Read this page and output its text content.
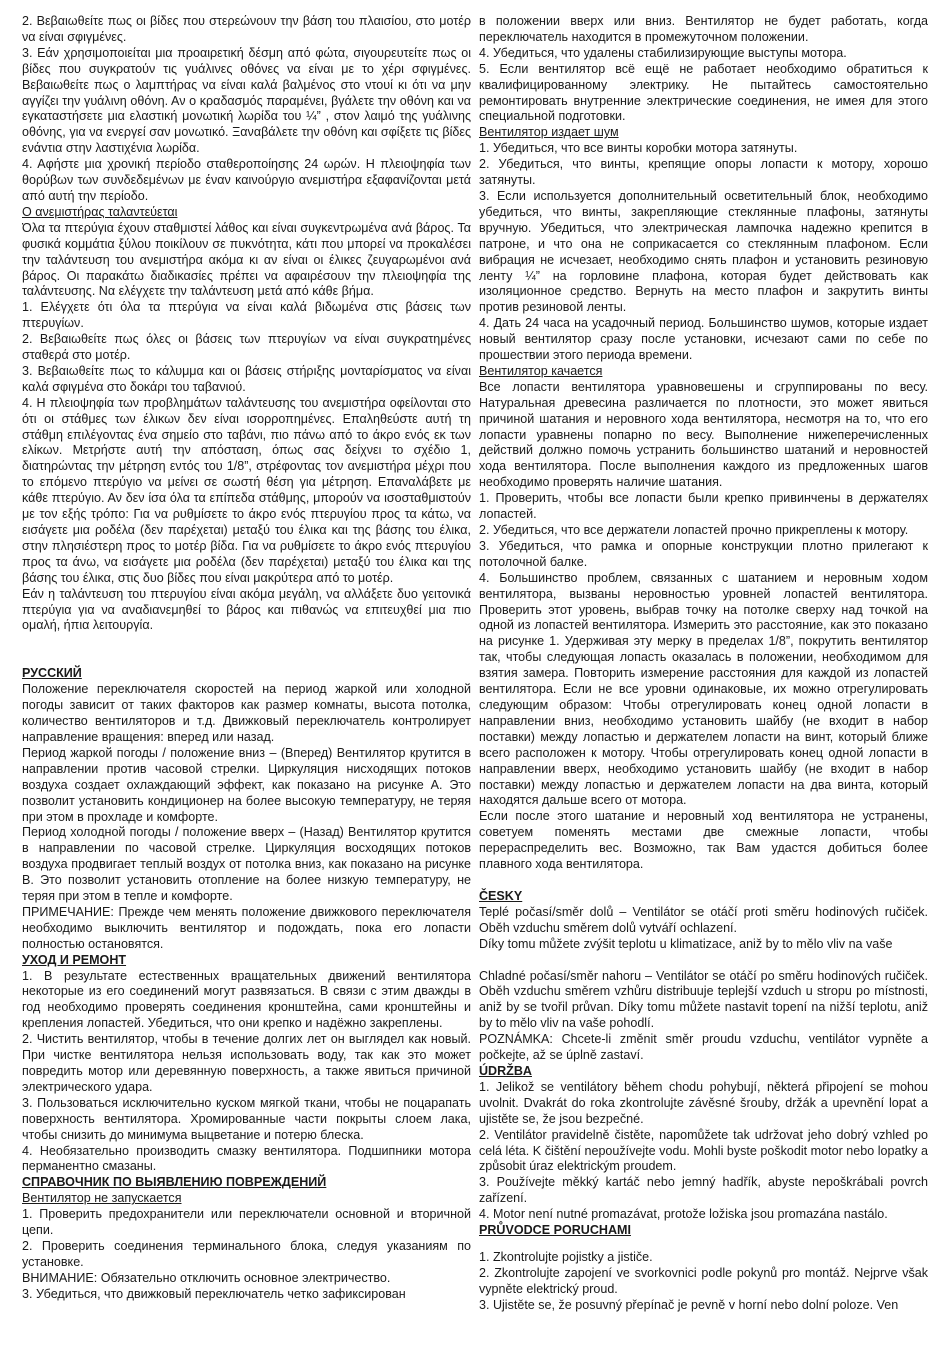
2. Βεβαιωθείτε πως οι βίδες που στερεώνουν την βάση του πλαισίου, στο μοτέρ να είναι σφιγμένες.

3. Εάν χρησιμοποιείται μια προαιρετική δέσμη από φώτα, σιγουρευτείτε πως οι βίδες που συγκρατούν τις γυάλινες οθόνες να είναι με το χέρι σφιγμένες. Βεβαιωθείτε πως ο λαμπτήρας να είναι καλά βαλμένος στο ντουί κι ότι να μην αγγίζει την γυάλινη οθόνη. Αν ο κραδασμός παραμένει, βγάλετε την οθόνη και να εγκαταστήσετε μια ελαστική μονωτική λωρίδα του ¼” , στον λαιμό της γυάλινης οθόνης, για να ενεργεί σαν μονωτικό. Ξαναβάλετε την οθόνη και σφίξετε τις βίδες ενάντια στην λαστιχένια λωρίδα.

4. Αφήστε μια χρονική περίοδο σταθεροποίησης 24 ωρών. Η πλειοψηφία των θορύβων των συνδεδεμένων με έναν καινούργιο ανεμιστήρα εξαφανίζονται μετά από αυτή την περίοδο.

Ο ανεμιστήρας ταλαντεύεται

Όλα τα πτερύγια έχουν σταθμιστεί λάθος και είναι συγκεντρωμένα ανά βάρος. Τα φυσικά κομμάτια ξύλου ποικίλουν σε πυκνότητα, κάτι που μπορεί να προκαλέσει την ταλάντευση του ανεμιστήρα ακόμα κι αν είναι οι έλικες ζευγαρωμένοι ανά βάρος. Οι παρακάτω διαδικασίες πρέπει να αφαιρέσουν την πλειοψηφία της ταλάντευσης. Να ελέγχετε την ταλάντευση μετά από κάθε βήμα.

1. Ελέγχετε ότι όλα τα πτερύγια να είναι καλά βιδωμένα στις βάσεις των πτερυγίων.

2. Βεβαιωθείτε πως όλες οι βάσεις των πτερυγίων να είναι συγκρατημένες σταθερά στο μοτέρ.

3. Βεβαιωθείτε πως το κάλυμμα και οι βάσεις στήριξης μονταρίσματος να είναι καλά σφιγμένα στο δοκάρι του ταβανιού.

4. Η πλειοψηφία των προβλημάτων ταλάντευσης του ανεμιστήρα οφείλονται στο ότι οι στάθμες των έλικων δεν είναι ισορροπημένες. Επαληθεύστε αυτή τη στάθμη επιλέγοντας ένα σημείο στο ταβάνι, πιο πάνω από το άκρο ενός εκ των ελίκων. Μετρήστε αυτή την απόσταση, όπως σας δείχνει το σχέδιο 1, διατηρώντας την μέτρηση εντός του 1/8”, στρέφοντας τον ανεμιστήρα μέχρι που το επόμενο πτερύγιο να μείνει σε σωστή θέση για μέτρηση. Επαναλάβετε με κάθε πτερύγιο. Αν δεν ίσα όλα τα επίπεδα στάθμης, μπορούν να ισοσταθμιστούν με τον εξής τρόπο: Για να ρυθμίσετε το άκρο ενός πτερυγίου προς τα κάτω, να εισάγετε μια ροδέλα (δεν παρέχεται) μεταξύ του έλικα και της βάσης του έλικα, στην πλησιέστερη προς το μοτέρ βίδα. Για να ρυθμίσετε το άκρο ενός πτερυγίου προς τα άνω, να εισάγετε μια ροδέλα (δεν παρέχεται) μεταξύ του έλικα και της βάσης του έλικα, στις δυο βίδες που είναι μακρύτερα από το μοτέρ.

Εάν η ταλάντευση του πτερυγίου είναι ακόμα μεγάλη, να αλλάξετε δυο γειτονικά πτερύγια για να αναδιανεμηθεί το βάρος και πιθανώς να επιτευχθεί μια πιο ομαλή, ήπια λειτουργία.

РУССКИЙ

Положение переключателя скоростей на период жаркой или холодной погоды зависит от таких факторов как размер комнаты, высота потолка, количество вентиляторов и т.д. Движковый переключатель контролирует направление вращения: вперед или назад.

Период жаркой погоды / положение вниз – (Вперед) Вентилятор крутится в направлении против часовой стрелки. Циркуляция нисходящих потоков воздуха создает охлаждающий эффект, как показано на рисунке А. Это позволит установить кондиционер на более высокую температуру, не теряя при этом в прохладе и комфорте.

Период холодной погоды / положение вверх – (Назад) Вентилятор крутится в направлении по часовой стрелке. Циркуляция восходящих потоков воздуха продвигает теплый воздух от потолка вниз, как показано на рисунке В. Это позволит установить отопление на более низкую температуру, не теряя при этом в тепле и комфорте.

ПРИМЕЧАНИЕ: Прежде чем менять положение движкового переключателя необходимо выключить вентилятор и подождать, пока его лопасти полностью остановятся.

УХОД И РЕМОНТ

1. В результате естественных вращательных движений вентилятора некоторые из его соединений могут развязаться. В связи с этим дважды в год необходимо проверять соединения кронштейна, сами кронштейны и крепления лопастей. Убедиться, что они крепко и надёжно закреплены.

2. Чистить вентилятор, чтобы в течение долгих лет он выглядел как новый. При чистке вентилятора нельзя использовать воду, так как это может повредить мотор или деревянную поверхность, а также явиться причиной электрического удара.

3. Пользоваться исключительно куском мягкой ткани, чтобы не поцарапать поверхность вентилятора. Хромированные части покрыты слоем лака, чтобы снизить до минимума выцветание и потерю блеска.

4. Необязательно производить смазку вентилятора. Подшипники мотора перманентно смазаны.

СПРАВОЧНИК ПО ВЫЯВЛЕНИЮ ПОВРЕЖДЕНИЙ

Вентилятор не запускается

1. Проверить предохранители или переключатели основной и вторичной цепи.

2. Проверить соединения терминального блока, следуя указаниям по установке.

ВНИМАНИЕ: Обязательно отключить основное электричество.

3. Убедиться, что движковый переключатель четко зафиксирован

в положении вверх или вниз. Вентилятор не будет работать, когда переключатель находится в промежуточном положении.

4. Убедиться, что удалены стабилизирующие выступы мотора.

5. Если вентилятор всё ещё не работает необходимо обратиться к квалифицированному электрику. Не пытайтесь самостоятельно ремонтировать внутренние электрические соединения, не имея для этого специальной подготовки.

Вентилятор издает шум

1. Убедиться, что все винты коробки мотора затянуты.

2. Убедиться, что винты, крепящие опоры лопасти к мотору, хорошо затянуты.

3. Если используется дополнительный осветительный блок, необходимо убедиться, что винты, закрепляющие стеклянные плафоны, затянуты вручную. Убедиться, что электрическая лампочка надежно крепится в патроне, и что она не соприкасается со стеклянным плафоном. Если вибрация не исчезает, необходимо снять плафон и установить резиновую ленту ¼” на горловине плафона, которая будет действовать как изоляционное средство. Вернуть на место плафон и закрутить винты против резиновой ленты.

4. Дать 24 часа на усадочный период. Большинство шумов, которые издает новый вентилятор сразу после установки, исчезают сами по себе по прошествии этого периода времени.

Вентилятор качается

Все лопасти вентилятора уравновешены и сгруппированы по весу. Натуральная древесина различается по плотности, это может явиться причиной шатания и неровного хода вентилятора, несмотря на то, что его лопасти уравнены попарно по весу. Выполнение нижеперечисленных действий должно помочь устранить большинство шатаний и неровностей хода вентилятора. После выполнения каждого из предложенных шагов необходимо проверять наличие шатания.

1. Проверить, чтобы все лопасти были крепко привинчены в держателях лопастей.

2. Убедиться, что все держатели лопастей прочно прикреплены к мотору.

3. Убедиться, что рамка и опорные конструкции плотно прилегают к потолочной балке.

4. Большинство проблем, связанных с шатанием и неровным ходом вентилятора, вызваны неровностью уровней лопастей вентилятора. Проверить этот уровень, выбрав точку на потолке сверху над точкой на одной из лопастей вентилятора. Измерить это расстояние, как это показано на рисунке 1. Удерживая эту мерку в пределах 1/8”, покрутить вентилятор так, чтобы следующая лопасть оказалась в положении, необходимом для взятия замера. Повторить измерение расстояния для каждой из лопастей вентилятора. Если не все уровни одинаковые, их можно отрегулировать следующим образом: Чтобы отрегулировать конец одной лопасти в направлении вниз, необходимо установить шайбу (не входит в набор поставки) между лопастью и держателем лопасти на винт, который ближе всего расположен к мотору. Чтобы отрегулировать конец одной лопасти в направлении вверх, необходимо установить шайбу (не входит в набор поставки) между лопастью и держателем лопасти на два винта, который находятся дальше всего от мотора.

Если после этого шатание и неровный ход вентилятора не устранены, советуем поменять местами две смежные лопасти, чтобы перераспределить вес. Возможно, так Вам удастся добиться более плавного хода вентилятора.

ČESKY

Teplé počasí/směr dolů – Ventilátor se otáčí proti směru hodinových ručiček. Oběh vzduchu směrem dolů vytváří ochlazení.

Díky tomu můžete zvýšit teplotu u klimatizace, aniž by to mělo vliv na vaše

Chladné počasí/směr nahoru – Ventilátor se otáčí po směru hodinových ručiček. Oběh vzduchu směrem vzhůru distribuuje teplejší vzduch u stropu po místnosti, aniž by se tvořil průvan. Díky tomu můžete nastavit topení na nižší teplotu, aniž by to mělo vliv na vaše pohodlí.

POZNÁMKA: Chcete-li změnit směr proudu vzduchu, ventilátor vypněte a počkejte, až se úplně zastaví.

ÚDRŽBA

1. Jelikož se ventilátory během chodu pohybují, některá připojení se mohou uvolnit. Dvakrát do roka zkontrolujte závěsné šrouby, držák a upevnění lopat a ujistěte se, že jsou bezpečné.

2. Ventilátor pravidelně čistěte, napomůžete tak udržovat jeho dobrý vzhled po celá léta. K čištění nepoužívejte vodu. Mohli byste poškodit motor nebo lopatky a způsobit úraz elektrickým proudem.

3. Používejte měkký kartáč nebo jemný hadřík, abyste nepoškrábali povrch zařízení.

4. Motor není nutné promazávat, protože ložiska jsou promazána nastálo.

PRŮVODCE PORUCHAMI

1. Zkontrolujte pojistky a jističe.

2. Zkontrolujte zapojení ve svorkovnici podle pokynů pro montáž. Nejprve však vypněte elektrický proud.

3. Ujistěte se, že posuvný přepínač je pevně v horní nebo dolní poloze. Ven
